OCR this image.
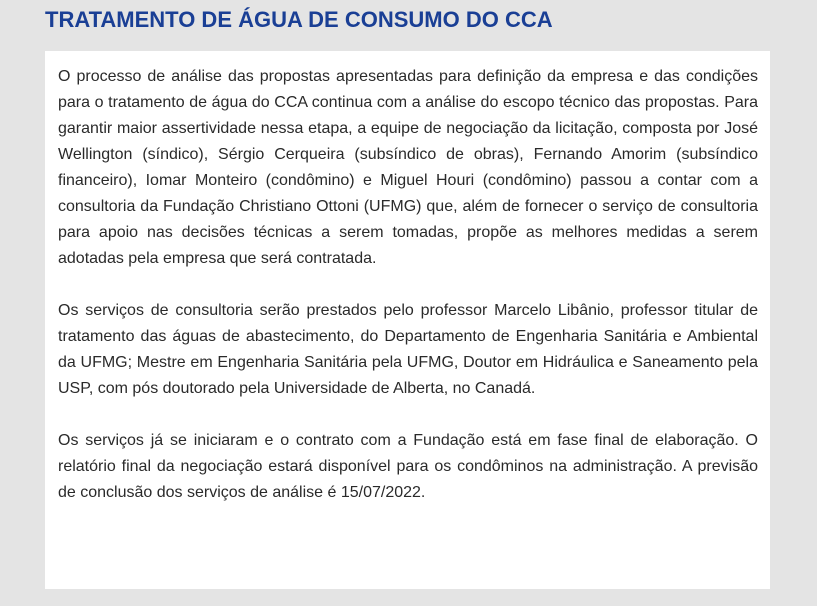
TRATAMENTO DE ÁGUA DE CONSUMO DO CCA

O processo de análise das propostas apresentadas para definição da empresa e das condições para o tratamento de água do CCA continua com a análise do escopo técnico das propostas. Para garantir maior assertividade nessa etapa, a equipe de negociação da licitação, composta por José Wellington (síndico), Sérgio Cerqueira (subsíndico de obras), Fernando Amorim (subsíndico financeiro), Iomar Monteiro (condômino) e Miguel Houri (condômino) passou a contar com a consultoria da Fundação Christiano Ottoni (UFMG) que, além de fornecer o serviço de consultoria para apoio nas decisões técnicas a serem tomadas, propõe as melhores medidas a serem adotadas pela empresa que será contratada.

Os serviços de consultoria serão prestados pelo professor Marcelo Libânio, professor titular de tratamento das águas de abastecimento, do Departamento de Engenharia Sanitária e Ambiental da UFMG; Mestre em Engenharia Sanitária pela UFMG, Doutor em Hidráulica e Saneamento pela USP, com pós doutorado pela Universidade de Alberta, no Canadá.

Os serviços já se iniciaram e o contrato com a Fundação está em fase final de elaboração. O relatório final da negociação estará disponível para os condôminos na administração. A previsão de conclusão dos serviços de análise é 15/07/2022.
